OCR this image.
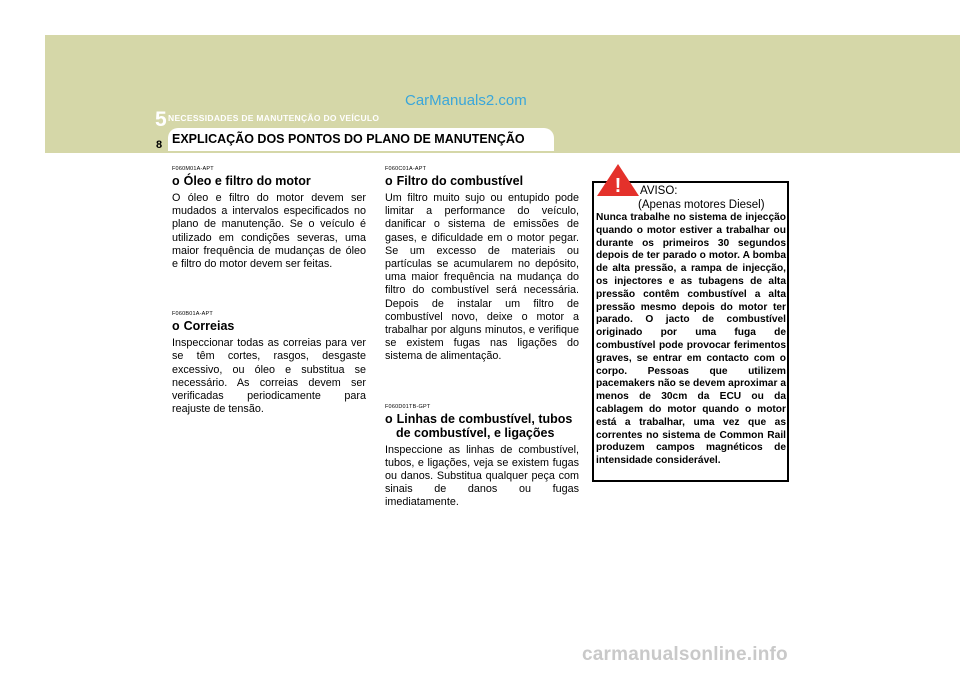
CarManuals2.com
5 NECESSIDADES DE MANUTENÇÃO DO VEÍCULO
EXPLICAÇÃO DOS PONTOS DO PLANO DE MANUTENÇÃO
8
F060M01A-APT
o Óleo e filtro do motor
O óleo e filtro do motor devem ser mudados a intervalos especificados no plano de manutenção. Se o veículo é utilizado em condições severas, uma maior frequência de mudanças de óleo e filtro do motor devem ser feitas.
F060B01A-APT
o Correias
Inspeccionar todas as correias para ver se têm cortes, rasgos, desgaste excessivo, ou óleo e substitua se necessário. As correias devem ser verificadas periodicamente para reajuste de tensão.
F060C01A-APT
o Filtro do combustível
Um filtro muito sujo ou entupido pode limitar a performance do veículo, danificar o sistema de emissões de gases, e dificuldade em o motor pegar. Se um excesso de materiais ou partículas se acumularem no depósito, uma maior frequência na mudança do filtro do combustível será necessária. Depois de instalar um filtro de combustível novo, deixe o motor a trabalhar por alguns minutos, e verifique se existem fugas nas ligações do sistema de alimentação.
F060D01TB-GPT
o Linhas de combustível, tubos
de combustível, e ligações
Inspeccione as linhas de combustível, tubos, e ligações, veja se existem fugas ou danos. Substitua qualquer peça com sinais de danos ou fugas imediatamente.
! AVISO:
(Apenas motores Diesel)
Nunca trabalhe no sistema de injecção quando o motor estiver a trabalhar ou durante os primeiros 30 segundos depois de ter parado o motor. A bomba de alta pressão, a rampa de injecção, os injectores e as tubagens de alta pressão contêm combustível a alta pressão mesmo depois do motor ter parado. O jacto de combustível originado por uma fuga de combustível pode provocar ferimentos graves, se entrar em contacto com o corpo. Pessoas que utilizem pacemakers não se devem aproximar a menos de 30cm da ECU ou da cablagem do motor quando o motor está a trabalhar, uma vez que as correntes no sistema de Common Rail produzem campos magnéticos de intensidade considerável.
carmanualsonline.info
